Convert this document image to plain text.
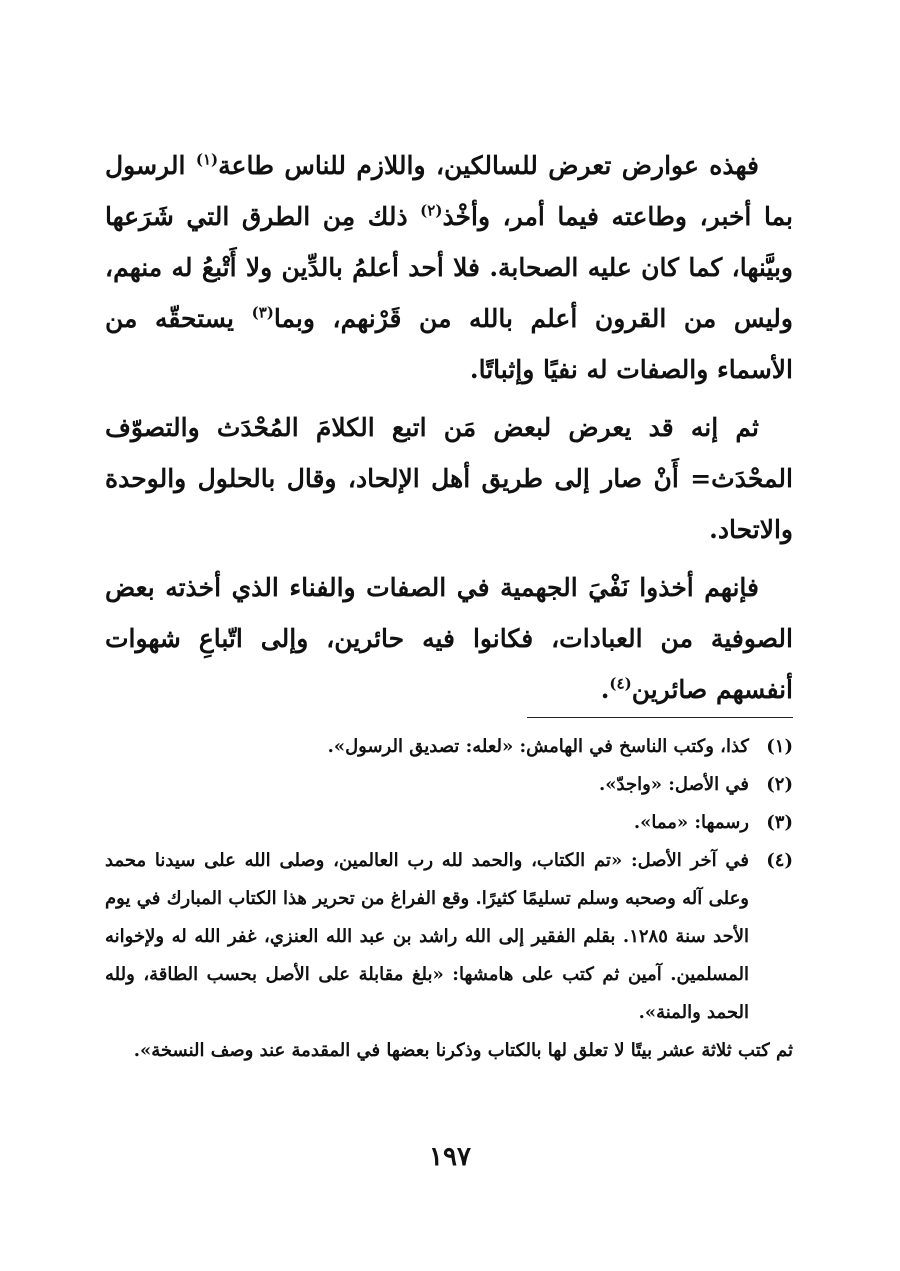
فهذه عوارض تعرض للسالكين، واللازم للناس طاعة$^{(١)}$ الرسول بما أخبر، وطاعته فيما أمر، وأخْذ$^{(٢)}$ ذلك مِن الطرق التي شَرَعها وبيَّنها، كما كان عليه الصحابة. فلا أحد أعلمُ بالدِّين ولا أَتْبعُ له منهم، وليس من القرون أعلم بالله من قَرْنهم، وبما$^{(٣)}$ يستحقّه من الأسماء والصفات له نفيًا وإثباتًا.

ثم إنه قد يعرض لبعض مَن اتبع الكلامَ المُحْدَث والتصوّف المحْدَث= أَنْ صار إلى طريق أهل الإلحاد، وقال بالحلول والوحدة والاتحاد.

فإنهم أخذوا نَفْيَ الجهمية في الصفات والفناء الذي أخذته بعض الصوفية من العبادات، فكانوا فيه حائرين، وإلى اتّباعِ شهوات أنفسهم صائرين$^{(٤)}$.

(١)
كذا، وكتب الناسخ في الهامش: «لعله: تصديق الرسول».
(٢)
في الأصل: «واجدّ».
(٣)
رسمها: «مما».
(٤)
في آخر الأصل: «تم الكتاب، والحمد لله رب العالمين، وصلى الله على سيدنا محمد وعلى آله وصحبه وسلم تسليمًا كثيرًا. وقع الفراغ من تحرير هذا الكتاب المبارك في يوم الأحد سنة ١٢٨٥. بقلم الفقير إلى الله راشد بن عبد الله العنزي، غفر الله له ولإخوانه المسلمين. آمين ثم كتب على هامشها: «بلغ مقابلة على الأصل بحسب الطاقة، ولله الحمد والمنة».

ثم كتب ثلاثة عشر بيتًا لا تعلق لها بالكتاب وذكرنا بعضها في المقدمة عند وصف النسخة».

١٩٧
